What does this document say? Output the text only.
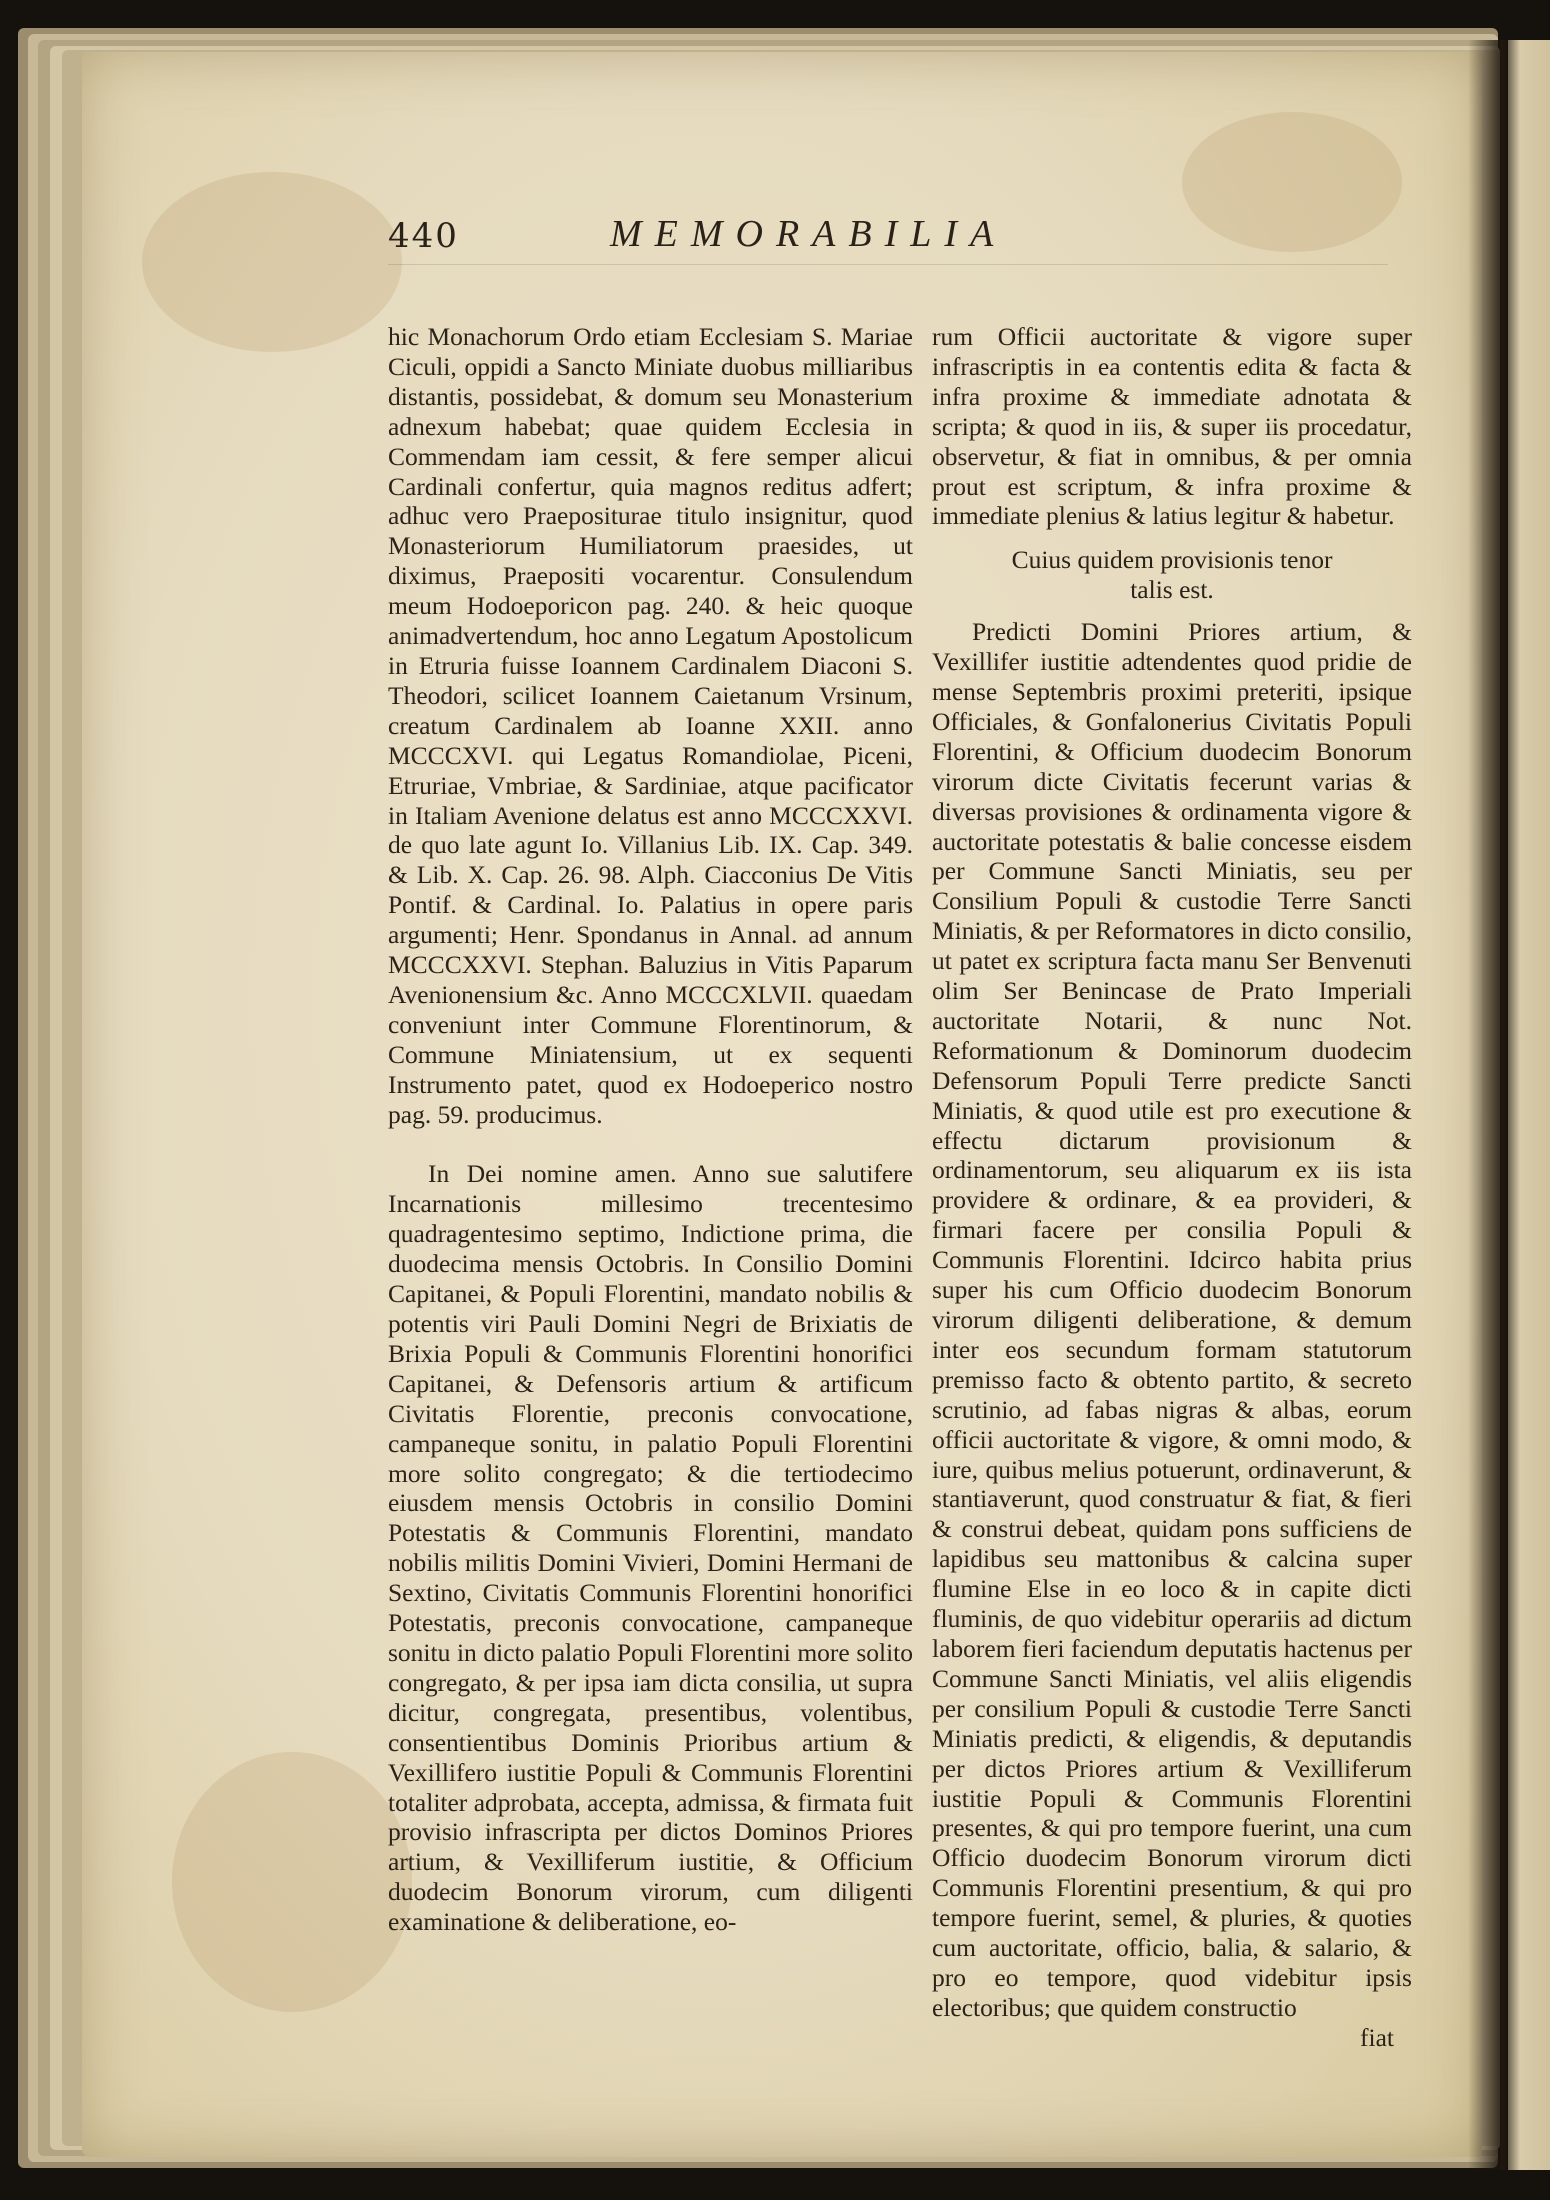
440	MEMORABILIA

hic Monachorum Ordo etiam Ecclesiam S. Mariae Ciculi, oppidi a Sancto Miniate duobus milliaribus distantis, possidebat, & domum seu Monasterium adnexum habebat; quae quidem Ecclesia in Commendam iam cessit, & fere semper alicui Cardinali confertur, quia magnos reditus adfert; adhuc vero Praepositurae titulo insignitur, quod Monasteriorum Humiliatorum praesides, ut diximus, Praepositi vocarentur. Consulendum meum Hodoeporicon pag. 240. & heic quoque animadvertendum, hoc anno Legatum Apostolicum in Etruria fuisse Ioannem Cardinalem Diaconi S. Theodori, scilicet Ioannem Caietanum Vrsinum, creatum Cardinalem ab Ioanne XXII. anno MCCCXVI. qui Legatus Romandiolae, Piceni, Etruriae, Vmbriae, & Sardiniae, atque pacificator in Italiam Avenione delatus est anno MCCCXXVI. de quo late agunt Io. Villanius Lib. IX. Cap. 349. & Lib. X. Cap. 26. 98. Alph. Ciacconius De Vitis Pontif. & Cardinal. Io. Palatius in opere paris argumenti; Henr. Spondanus in Annal. ad annum MCCCXXVI. Stephan. Baluzius in Vitis Paparum Avenionensium &c. Anno MCCCXLVII. quaedam conveniunt inter Commune Florentinorum, & Commune Miniatensium, ut ex sequenti Instrumento patet, quod ex Hodoeperico nostro pag. 59. producimus.

In Dei nomine amen. Anno sue salutifere Incarnationis millesimo trecentesimo quadragentesimo septimo, Indictione prima, die duodecima mensis Octobris. In Consilio Domini Capitanei, & Populi Florentini, mandato nobilis & potentis viri Pauli Domini Negri de Brixiatis de Brixia Populi & Communis Florentini honorifici Capitanei, & Defensoris artium & artificum Civitatis Florentie, preconis convocatione, campaneque sonitu, in palatio Populi Florentini more solito congregato; & die tertiodecimo eiusdem mensis Octobris in consilio Domini Potestatis & Communis Florentini, mandato nobilis militis Domini Vivieri, Domini Hermani de Sextino, Civitatis Communis Florentini honorifici Potestatis, preconis convocatione, campaneque sonitu in dicto palatio Populi Florentini more solito congregato, & per ipsa iam dicta consilia, ut supra dicitur, congregata, presentibus, volentibus, consentientibus Dominis Prioribus artium & Vexillifero iustitie Populi & Communis Florentini totaliter adprobata, accepta, admissa, & firmata fuit provisio infrascripta per dictos Dominos Priores artium, & Vexilliferum iustitie, & Officium duodecim Bonorum virorum, cum diligenti examinatione & deliberatione, eo-

rum Officii auctoritate & vigore super infrascriptis in ea contentis edita & facta & infra proxime & immediate adnotata & scripta; & quod in iis, & super iis procedatur, observetur, & fiat in omnibus, & per omnia prout est scriptum, & infra proxime & immediate plenius & latius legitur & habetur.

Cuius quidem provisionis tenor
talis est.

Predicti Domini Priores artium, & Vexillifer iustitie adtendentes quod pridie de mense Septembris proximi preteriti, ipsique Officiales, & Gonfalonerius Civitatis Populi Florentini, & Officium duodecim Bonorum virorum dicte Civitatis fecerunt varias & diversas provisiones & ordinamenta vigore & auctoritate potestatis & balie concesse eisdem per Commune Sancti Miniatis, seu per Consilium Populi & custodie Terre Sancti Miniatis, & per Reformatores in dicto consilio, ut patet ex scriptura facta manu Ser Benvenuti olim Ser Benincase de Prato Imperiali auctoritate Notarii, & nunc Not. Reformationum & Dominorum duodecim Defensorum Populi Terre predicte Sancti Miniatis, & quod utile est pro executione & effectu dictarum provisionum & ordinamentorum, seu aliquarum ex iis ista providere & ordinare, & ea provideri, & firmari facere per consilia Populi & Communis Florentini. Idcirco habita prius super his cum Officio duodecim Bonorum virorum diligenti deliberatione, & demum inter eos secundum formam statutorum premisso facto & obtento partito, & secreto scrutinio, ad fabas nigras & albas, eorum officii auctoritate & vigore, & omni modo, & iure, quibus melius potuerunt, ordinaverunt, & stantiaverunt, quod construatur & fiat, & fieri & construi debeat, quidam pons sufficiens de lapidibus seu mattonibus & calcina super flumine Else in eo loco & in capite dicti fluminis, de quo videbitur operariis ad dictum laborem fieri faciendum deputatis hactenus per Commune Sancti Miniatis, vel aliis eligendis per consilium Populi & custodie Terre Sancti Miniatis predicti, & eligendis, & deputandis per dictos Priores artium & Vexilliferum iustitie Populi & Communis Florentini presentes, & qui pro tempore fuerint, una cum Officio duodecim Bonorum virorum dicti Communis Florentini presentium, & qui pro tempore fuerint, semel, & pluries, & quoties cum auctoritate, officio, balia, & salario, & pro eo tempore, quod videbitur ipsis electoribus; que quidem constructio

fiat
